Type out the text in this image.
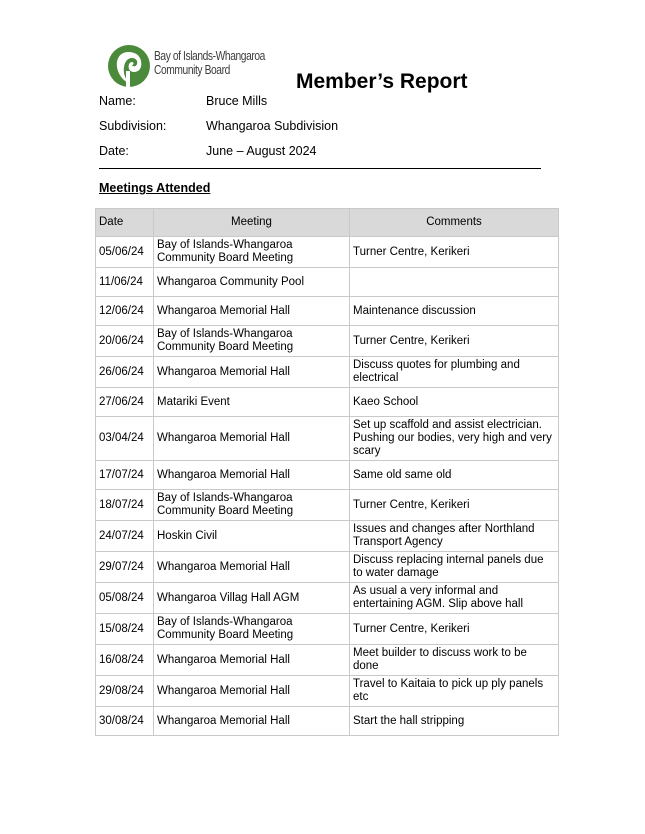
Bay of Islands-Whangaroa
Community Board	Member’s Report
Name:	Bruce Mills
Subdivision:	Whangaroa Subdivision
Date:	June – August 2024
Meetings Attended
Date	Meeting	Comments
05/06/24	Bay of Islands-Whangaroa Community Board Meeting	Turner Centre, Kerikeri
11/06/24	Whangaroa Community Pool	
12/06/24	Whangaroa Memorial Hall	Maintenance discussion
20/06/24	Bay of Islands-Whangaroa Community Board Meeting	Turner Centre, Kerikeri
26/06/24	Whangaroa Memorial Hall	Discuss quotes for plumbing and electrical
27/06/24	Matariki Event	Kaeo School
03/04/24	Whangaroa Memorial Hall	Set up scaffold and assist electrician. Pushing our bodies, very high and very scary
17/07/24	Whangaroa Memorial Hall	Same old same old
18/07/24	Bay of Islands-Whangaroa Community Board Meeting	Turner Centre, Kerikeri
24/07/24	Hoskin Civil	Issues and changes after Northland Transport Agency
29/07/24	Whangaroa Memorial Hall	Discuss replacing internal panels due to water damage
05/08/24	Whangaroa Villag Hall AGM	As usual a very informal and entertaining AGM. Slip above hall
15/08/24	Bay of Islands-Whangaroa Community Board Meeting	Turner Centre, Kerikeri
16/08/24	Whangaroa Memorial Hall	Meet builder to discuss work to be done
29/08/24	Whangaroa Memorial Hall	Travel to Kaitaia to pick up ply panels etc
30/08/24	Whangaroa Memorial Hall	Start the hall stripping
